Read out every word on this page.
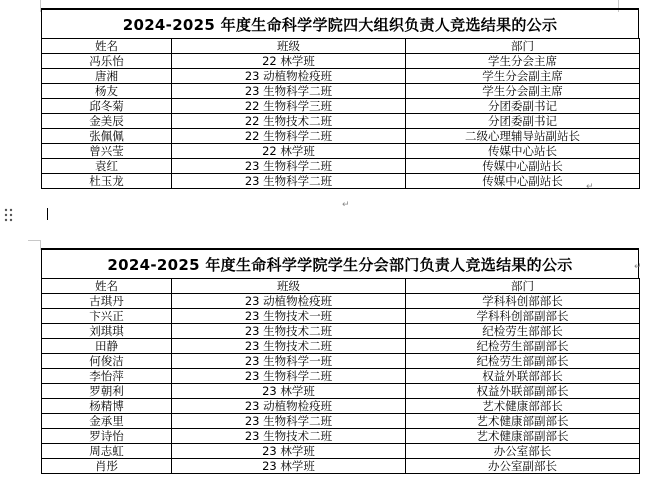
2024-2025 年度生命科学学院四大组织负责人竞选结果的公示
姓名	班级	部门
冯乐怡	22 林学班	学生分会主席
唐湘	23 动植物检疫班	学生分会副主席
杨友	23 生物科学二班	学生分会副主席
邱冬菊	22 生物科学三班	分团委副书记
金美辰	22 生物技术二班	分团委副书记
张佩佩	22 生物科学二班	二级心理辅导站副站长
曾兴莹	22 林学班	传媒中心站长
袁红	23 生物科学二班	传媒中心副站长
杜玉龙	23 生物科学二班	传媒中心副站长	↵
↵
2024-2025 年度生命科学学院学生分会部门负责人竞选结果的公示
姓名	班级	部门
古琪丹	23 动植物检疫班	学科科创部部长
卞兴正	23 生物技术一班	学科科创部副部长
刘琪琪	23 生物技术二班	纪检劳生部部长
田静	23 生物技术二班	纪检劳生部副部长
何俊洁	23 生物科学一班	纪检劳生部副部长
李怡萍	23 生物科学二班	权益外联部部长
罗朝利	23 林学班	权益外联部副部长
杨精博	23 动植物检疫班	艺术健康部部长
金承里	23 生物科学二班	艺术健康部副部长
罗诗怡	23 生物技术二班	艺术健康部副部长
周志虹	23 林学班	办公室部长
肖彤	23 林学班	办公室副部长
↵
